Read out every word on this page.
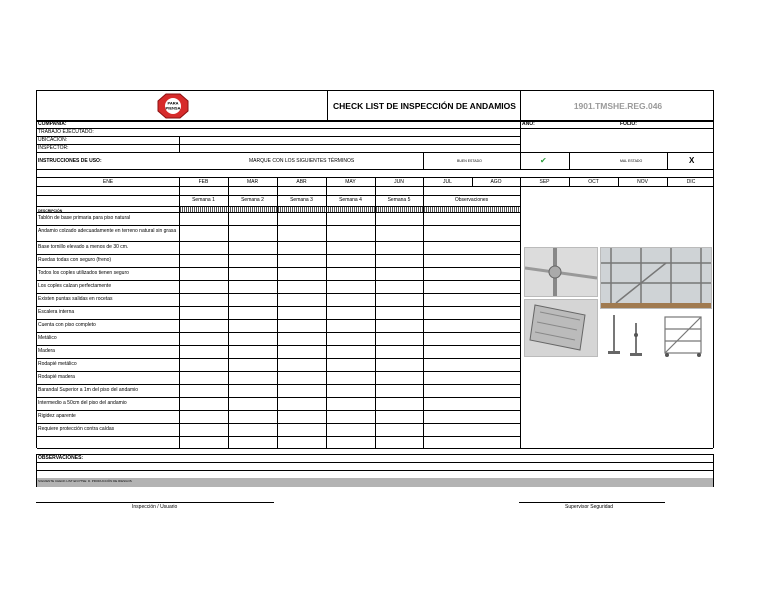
PARA
PIENSA	CHECK LIST DE INSPECCIÓN DE ANDAMIOS	1901.TMSHE.REG.046
COMPAÑÍA:
TRABAJO EJECUTADO:
UBICACIÓN:
INSPECTOR:
AÑO:	FOLIO:
INSTRUCCIONES DE USO:	MARQUE CON LOS SIGUIENTES TÉRMINOS	BUEN ESTADO	✔	MAL ESTADO	X
ENE	FEB	MAR	ABR	MAY	JUN	JUL	AGO	SEP	OCT	NOV	DIC
Semana 1	Semana 2	Semana 3	Semana 4	Semana 5	Observaciones
DESCRIPCIÓN
Tablón de base primaria para piso natural
Andamio colzado adecuadamente en terreno natural sin grasa
Base tornillo elevado a menos de 30 cm.
Ruedas todas con seguro (freno)
Todos los coples utilizados tienen seguro
Los coples calzan perfectamente
Existen puntas salidas en rocetas
Escalera interna
Cuenta con piso completo
Metálico
Madera
Rodapié metálico
Rodapié madera
Barandal Superior a 1m del piso del andamio
Intermedio a 50cm del piso del andamio
Rigidez aparente
Requiere protección contra caídas
OBSERVACIONES:
SIGUIENTE CHECK LIST EN PTSE: D. PRODUCCIÓN DE RIESGOS
Inspección / Usuario	Supervisor Seguridad
